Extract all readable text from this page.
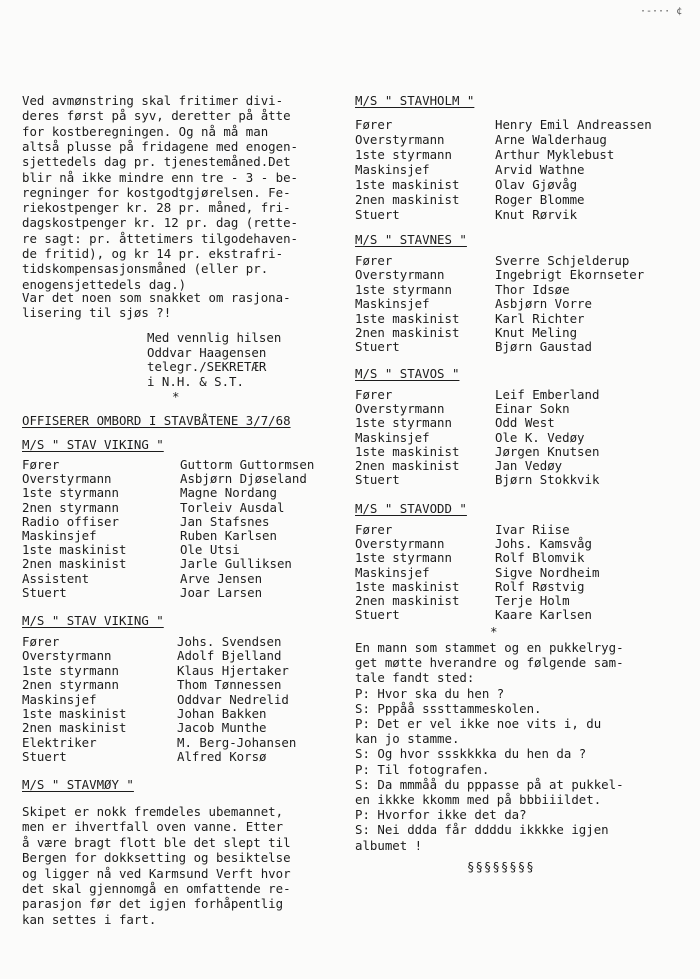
·-··· ¢
Ved avmønstring skal fritimer divi-
deres først på syv, deretter på åtte
for kostberegningen. Og nå må man
altså plusse på fridagene med enogen-
sjettedels dag pr. tjenestemåned.Det
blir nå ikke mindre enn tre - 3 - be-
regninger for kostgodtgjørelsen. Fe-
riekostpenger kr. 28 pr. måned, fri-
dagskostpenger kr. 12 pr. dag (rette-
re sagt: pr. åttetimers tilgodehaven-
de fritid), og kr 14 pr. ekstrafri-
tidskompensasjonsmåned (eller pr.
enogensjettedels dag.)
Var det noen som snakket om rasjona-
lisering til sjøs ?!
Med vennlig hilsen
Oddvar Haagensen
telegr./SEKRETÆR
i N.H. & S.T.
*
OFFISERER OMBORD I STAVBÅTENE 3/7/68
M/S " STAV VIKING "
Fører	Guttorm Guttormsen
Overstyrmann	Asbjørn Djøseland
1ste styrmann	Magne Nordang
2nen styrmann	Torleiv Ausdal
Radio offiser	Jan Stafsnes
Maskinsjef	Ruben Karlsen
1ste maskinist	Ole Utsi
2nen maskinist	Jarle Gulliksen
Assistent	Arve Jensen
Stuert	Joar Larsen
M/S " STAV VIKING "
Fører	Johs. Svendsen
Overstyrmann	Adolf Bjelland
1ste styrmann	Klaus Hjertaker
2nen styrmann	Thom Tønnessen
Maskinsjef	Oddvar Nedrelid
1ste maskinist	Johan Bakken
2nen maskinist	Jacob Munthe
Elektriker	M. Berg-Johansen
Stuert	Alfred Korsø
M/S " STAVMØY "
Skipet er nokk fremdeles ubemannet,
men er ihvertfall oven vanne. Etter
å være bragt flott ble det slept til
Bergen for dokksetting og besiktelse
og ligger nå ved Karmsund Verft hvor
det skal gjennomgå en omfattende re-
parasjon før det igjen forhåpentlig
kan settes i fart.
M/S " STAVHOLM "
Fører	Henry Emil Andreassen
Overstyrmann	Arne Walderhaug
1ste styrmann	Arthur Myklebust
Maskinsjef	Arvid Wathne
1ste maskinist	Olav Gjøvåg
2nen maskinist	Roger Blomme
Stuert	Knut Rørvik
M/S " STAVNES "
Fører	Sverre Schjelderup
Overstyrmann	Ingebrigt Ekornseter
1ste styrmann	Thor Idsøe
Maskinsjef	Asbjørn Vorre
1ste maskinist	Karl Richter
2nen maskinist	Knut Meling
Stuert	Bjørn Gaustad
M/S " STAVOS "
Fører	Leif Emberland
Overstyrmann	Einar Sokn
1ste styrmann	Odd West
Maskinsjef	Ole K. Vedøy
1ste maskinist	Jørgen Knutsen
2nen maskinist	Jan Vedøy
Stuert	Bjørn Stokkvik
M/S " STAVODD "
Fører	Ivar Riise
Overstyrmann	Johs. Kamsvåg
1ste styrmann	Rolf Blomvik
Maskinsjef	Sigve Nordheim
1ste maskinist	Rolf Røstvig
2nen maskinist	Terje Holm
Stuert	Kaare Karlsen
*
En mann som stammet og en pukkelryg-
get møtte hverandre og følgende sam-
tale fandt sted:
P: Hvor ska du hen ?
S: Pppåå sssttammeskolen.
P: Det er vel ikke noe vits i, du
kan jo stamme.
S: Og hvor ssskkkka du hen da ?
P: Til fotografen.
S: Da mmmåå du pppasse på at pukkel-
en ikkke kkomm med på bbbiiildet.
P: Hvorfor ikke det da?
S: Nei ddda får ddddu ikkkke igjen
albumet !
§§§§§§§§
